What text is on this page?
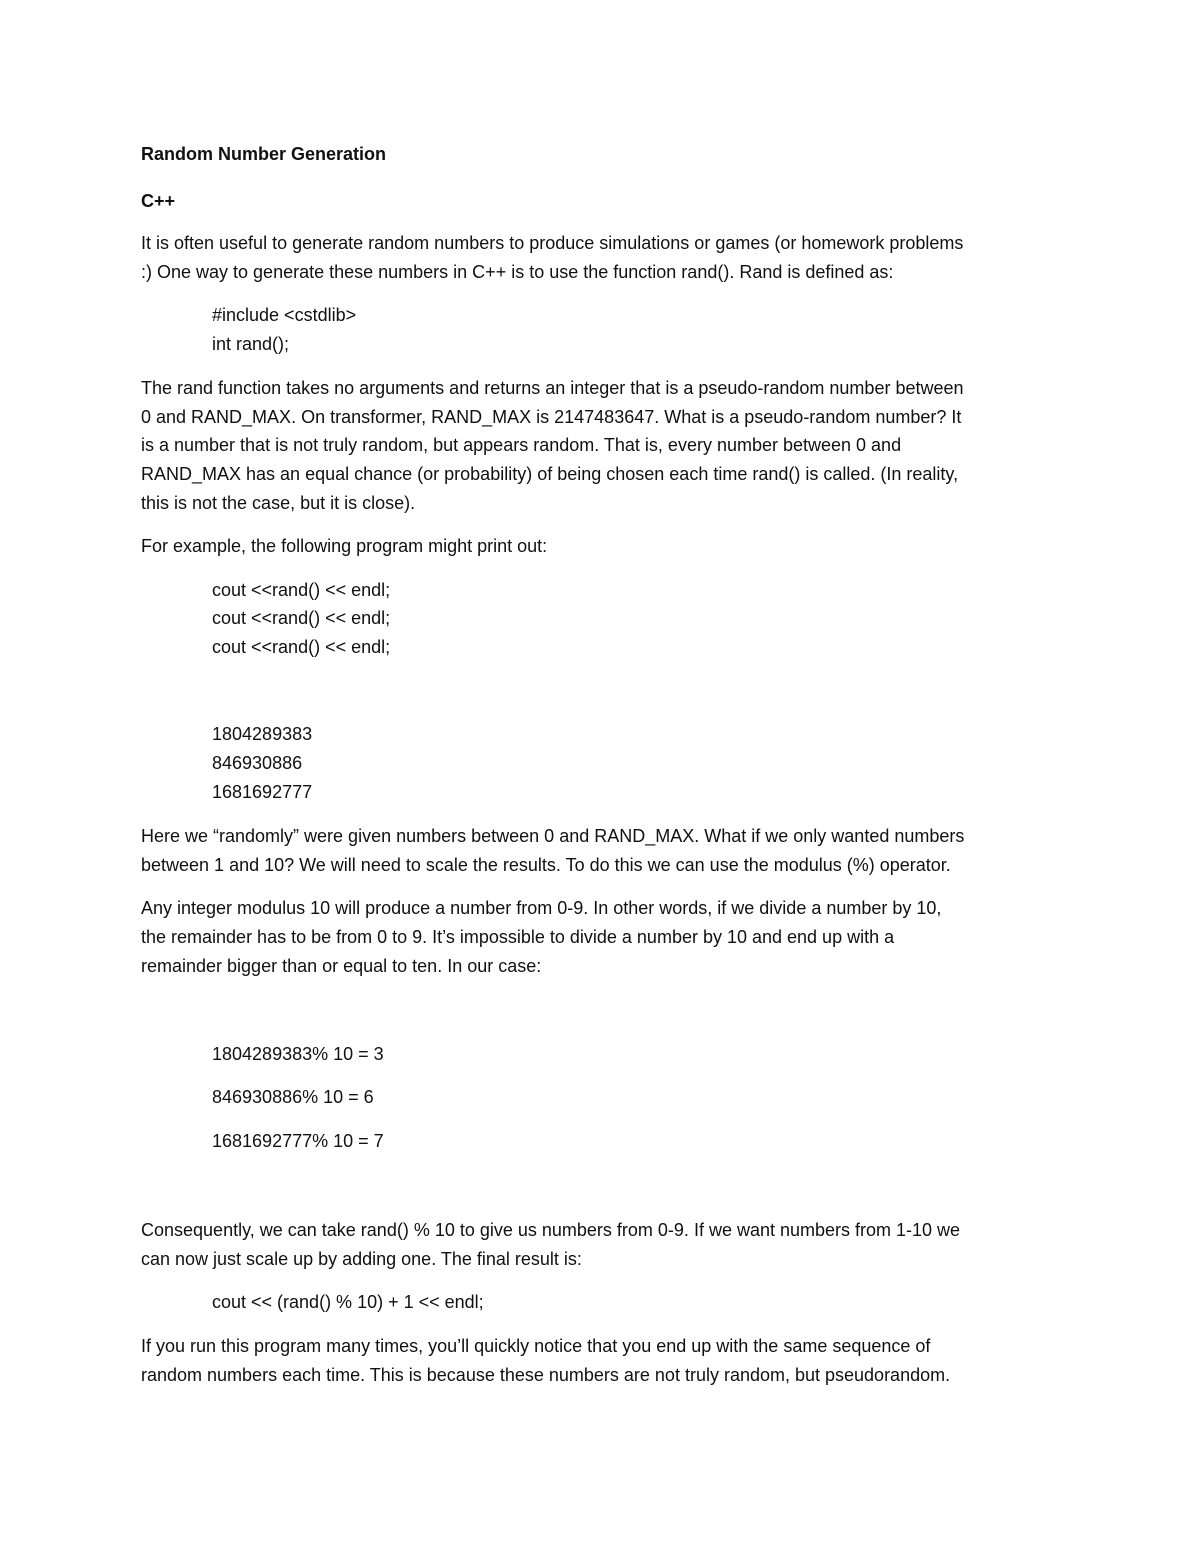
Random Number Generation
C++
It is often useful to generate random numbers to produce simulations or games (or homework problems
:) One way to generate these numbers in C++ is to use the function rand(). Rand is defined as:
#include <cstdlib>
int rand();
The rand function takes no arguments and returns an integer that is a pseudo-random number between
0 and RAND_MAX. On transformer, RAND_MAX is 2147483647. What is a pseudo-random number? It
is a number that is not truly random, but appears random. That is, every number between 0 and
RAND_MAX has an equal chance (or probability) of being chosen each time rand() is called. (In reality,
this is not the case, but it is close).
For example, the following program might print out:
cout <<rand() << endl;
cout <<rand() << endl;
cout <<rand() << endl;
1804289383
846930886
1681692777
Here we “randomly” were given numbers between 0 and RAND_MAX. What if we only wanted numbers
between 1 and 10? We will need to scale the results. To do this we can use the modulus (%) operator.
Any integer modulus 10 will produce a number from 0-9. In other words, if we divide a number by 10,
the remainder has to be from 0 to 9. It’s impossible to divide a number by 10 and end up with a
remainder bigger than or equal to ten. In our case:
1804289383% 10 = 3
846930886% 10 = 6
1681692777% 10 = 7
Consequently, we can take rand() % 10 to give us numbers from 0-9. If we want numbers from 1-10 we
can now just scale up by adding one. The final result is:
cout << (rand() % 10) + 1 << endl;
If you run this program many times, you’ll quickly notice that you end up with the same sequence of
random numbers each time. This is because these numbers are not truly random, but pseudorandom.
